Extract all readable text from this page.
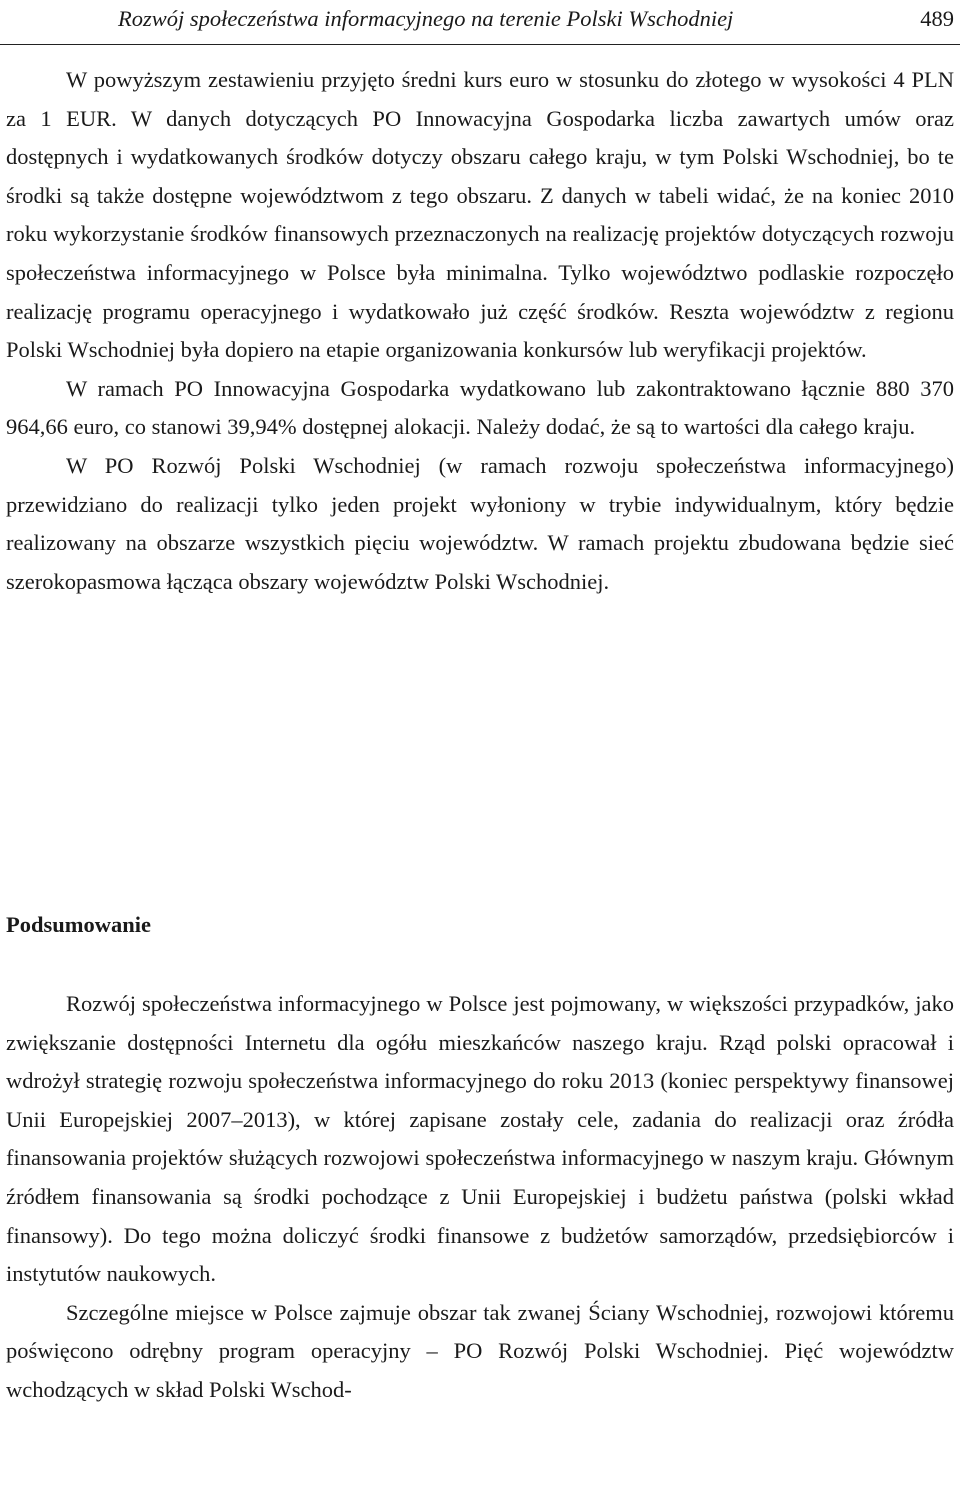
Rozwój społeczeństwa informacyjnego na terenie Polski Wschodniej	489

W powyższym zestawieniu przyjęto średni kurs euro w stosunku do złotego w wysokości 4 PLN za 1 EUR. W danych dotyczących PO Innowacyjna Gospodarka liczba zawartych umów oraz dostępnych i wydatkowanych środków dotyczy obszaru całego kraju, w tym Polski Wschodniej, bo te środki są także dostępne województwom z tego obszaru. Z danych w tabeli widać, że na koniec 2010 roku wykorzystanie środków finansowych przeznaczonych na realizację projektów dotyczących rozwoju społeczeństwa informacyjnego w Polsce była minimalna. Tylko województwo podlaskie rozpoczęło realizację programu operacyjnego i wydatkowało już część środków. Reszta województw z regionu Polski Wschodniej była dopiero na etapie organizowania konkursów lub weryfikacji projektów.

W ramach PO Innowacyjna Gospodarka wydatkowano lub zakontraktowano łącznie 880 370 964,66 euro, co stanowi 39,94% dostępnej alokacji. Należy dodać, że są to wartości dla całego kraju.

W PO Rozwój Polski Wschodniej (w ramach rozwoju społeczeństwa informacyjnego) przewidziano do realizacji tylko jeden projekt wyłoniony w trybie indywidualnym, który będzie realizowany na obszarze wszystkich pięciu województw. W ramach projektu zbudowana będzie sieć szerokopasmowa łącząca obszary województw Polski Wschodniej.

Podsumowanie

Rozwój społeczeństwa informacyjnego w Polsce jest pojmowany, w większości przypadków, jako zwiększanie dostępności Internetu dla ogółu mieszkańców naszego kraju. Rząd polski opracował i wdrożył strategię rozwoju społeczeństwa informacyjnego do roku 2013 (koniec perspektywy finansowej Unii Europejskiej 2007–2013), w której zapisane zostały cele, zadania do realizacji oraz źródła finansowania projektów służących rozwojowi społeczeństwa informacyjnego w naszym kraju. Głównym źródłem finansowania są środki pochodzące z Unii Europejskiej i budżetu państwa (polski wkład finansowy). Do tego można doliczyć środki finansowe z budżetów samorządów, przedsiębiorców i instytutów naukowych.

Szczególne miejsce w Polsce zajmuje obszar tak zwanej Ściany Wschodniej, rozwojowi któremu poświęcono odrębny program operacyjny – PO Rozwój Polski Wschodniej. Pięć województw wchodzących w skład Polski Wschod-
